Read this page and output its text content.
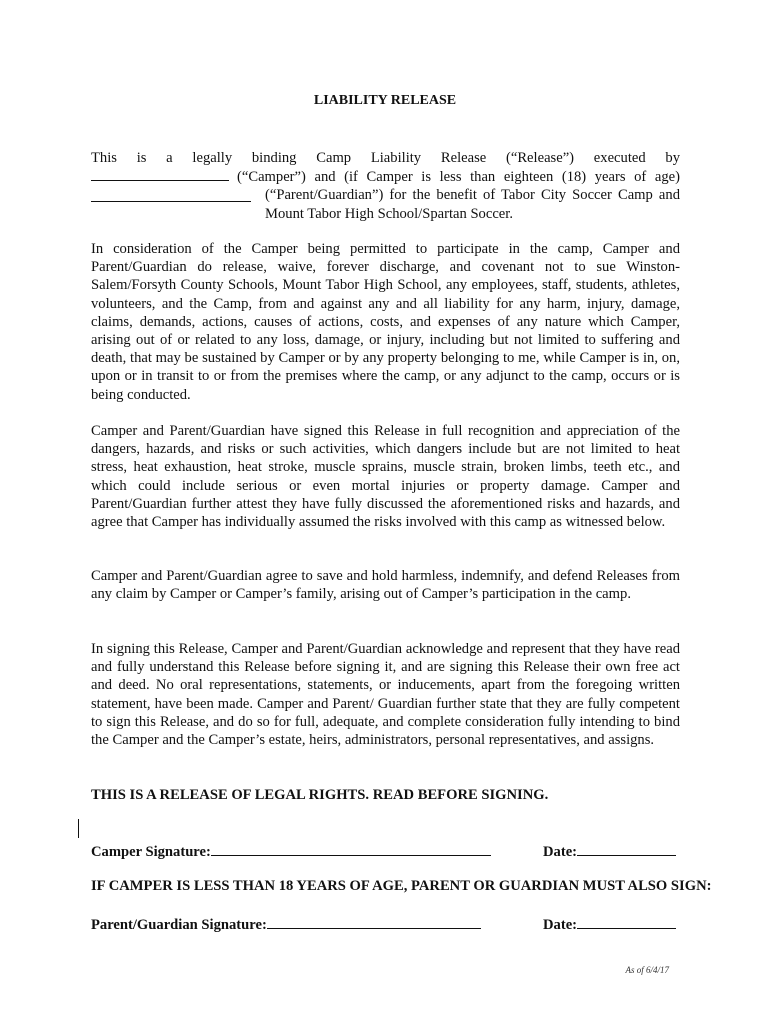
LIABILITY RELEASE
This is a legally binding Camp Liability Release (“Release”) executed by
(“Camper”) and (if Camper is less than eighteen (18) years of age)
(“Parent/Guardian”) for the benefit of Tabor City Soccer Camp and Mount Tabor High School/Spartan Soccer.

In consideration of the Camper being permitted to participate in the camp, Camper and Parent/Guardian do release, waive, forever discharge, and covenant not to sue Winston-Salem/Forsyth County Schools, Mount Tabor High School, any employees, staff, students, athletes, volunteers, and the Camp, from and against any and all liability for any harm, injury, damage, claims, demands, actions, causes of actions, costs, and expenses of any nature which Camper, arising out of or related to any loss, damage, or injury, including but not limited to suffering and death, that may be sustained by Camper or by any property belonging to me, while Camper is in, on, upon or in transit to or from the premises where the camp, or any adjunct to the camp, occurs or is being conducted.

Camper and Parent/Guardian have signed this Release in full recognition and appreciation of the dangers, hazards, and risks or such activities, which dangers include but are not limited to heat stress, heat exhaustion, heat stroke, muscle sprains, muscle strain, broken limbs, teeth etc., and which could include serious or even mortal injuries or property damage. Camper and Parent/Guardian further attest they have fully discussed the aforementioned risks and hazards, and agree that Camper has individually assumed the risks involved with this camp as witnessed below.

Camper and Parent/Guardian agree to save and hold harmless, indemnify, and defend Releases from any claim by Camper or Camper’s family, arising out of Camper’s participation in the camp.

In signing this Release, Camper and Parent/Guardian acknowledge and represent that they have read and fully understand this Release before signing it, and are signing this Release their own free act and deed. No oral representations, statements, or inducements, apart from the foregoing written statement, have been made. Camper and Parent/ Guardian further state that they are fully competent to sign this Release, and do so for full, adequate, and complete consideration fully intending to bind the Camper and the Camper’s estate, heirs, administrators, personal representatives, and assigns.

THIS IS A RELEASE OF LEGAL RIGHTS. READ BEFORE SIGNING.
Camper Signature:	Date:
IF CAMPER IS LESS THAN 18 YEARS OF AGE, PARENT OR GUARDIAN MUST ALSO SIGN:
Parent/Guardian Signature:	Date:
As of 6/4/17
